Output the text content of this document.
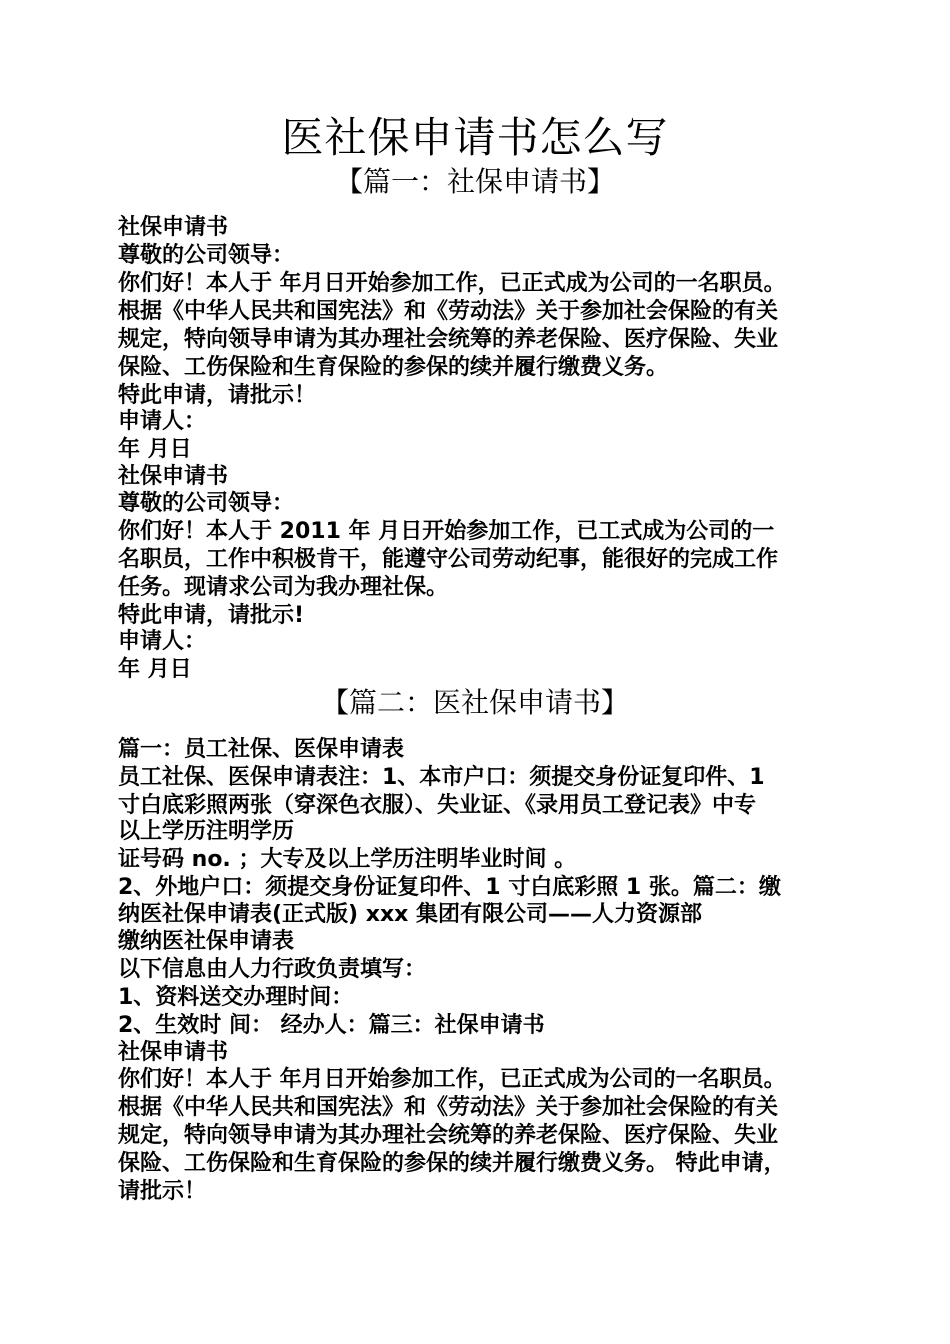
医社保申请书怎么写
【篇一：社保申请书】
社保申请书
尊敬的公司领导：
你们好！本人于 年月日开始参加工作，已正式成为公司的一名职员。
根据《中华人民共和国宪法》和《劳动法》关于参加社会保险的有关
规定，特向领导申请为其办理社会统筹的养老保险、医疗保险、失业
保险、工伤保险和生育保险的参保的续并履行缴费义务。
特此申请，请批示！
申请人：
年 月日
社保申请书
尊敬的公司领导：
你们好！本人于 2011 年 月日开始参加工作，已工式成为公司的一
名职员，工作中积极肯干，能遵守公司劳动纪事，能很好的完成工作
任务。现请求公司为我办理社保。
特此申请，请批示!
申请人：
年 月日
【篇二：医社保申请书】
篇一：员工社保、医保申请表
员工社保、医保申请表注：1、本市户口：须提交身份证复印件、1
寸白底彩照两张（穿深色衣服）、失业证、《录用员工登记表》中专
以上学历注明学历
证号码 no. ；大专及以上学历注明毕业时间 。
2、外地户口：须提交身份证复印件、1 寸白底彩照 1 张。篇二：缴
纳医社保申请表(正式版) xxx 集团有限公司——人力资源部
缴纳医社保申请表
以下信息由人力行政负责填写：
1、资料送交办理时间：
2、生效时 间： 经办人：篇三：社保申请书
社保申请书
你们好！本人于 年月日开始参加工作，已正式成为公司的一名职员。
根据《中华人民共和国宪法》和《劳动法》关于参加社会保险的有关
规定，特向领导申请为其办理社会统筹的养老保险、医疗保险、失业
保险、工伤保险和生育保险的参保的续并履行缴费义务。 特此申请，
请批示！
